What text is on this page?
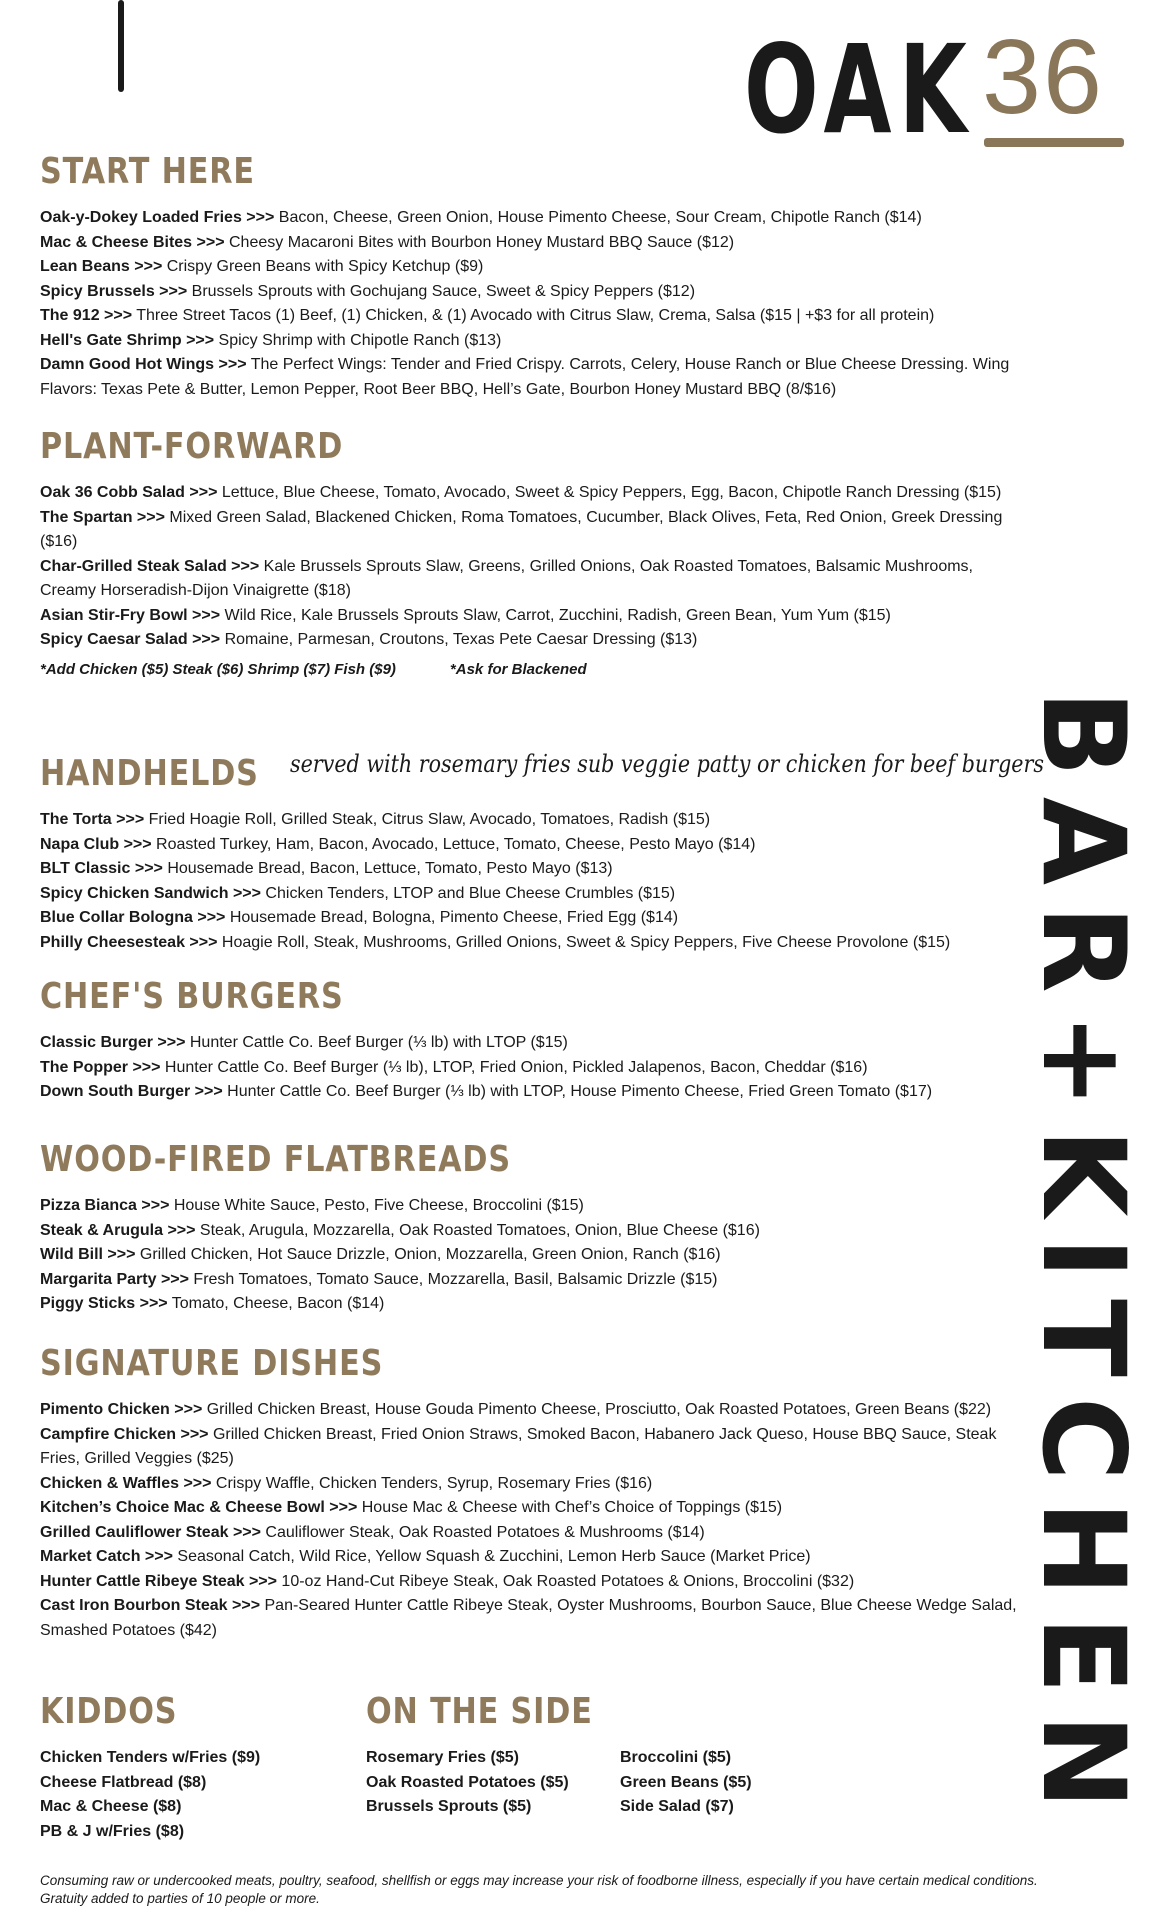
OAK 36
BAR+KITCHEN
START HERE

Oak-y-Dokey Loaded Fries >>> Bacon, Cheese, Green Onion, House Pimento Cheese, Sour Cream, Chipotle Ranch ($14)

Mac & Cheese Bites >>> Cheesy Macaroni Bites with Bourbon Honey Mustard BBQ Sauce ($12)

Lean Beans >>> Crispy Green Beans with Spicy Ketchup ($9)

Spicy Brussels >>> Brussels Sprouts with Gochujang Sauce, Sweet & Spicy Peppers ($12)

The 912 >>> Three Street Tacos (1) Beef, (1) Chicken, & (1) Avocado with Citrus Slaw, Crema, Salsa ($15 | +$3 for all protein)

Hell's Gate Shrimp >>> Spicy Shrimp with Chipotle Ranch ($13)

Damn Good Hot Wings >>> The Perfect Wings: Tender and Fried Crispy. Carrots, Celery, House Ranch or Blue Cheese Dressing. Wing Flavors: Texas Pete & Butter, Lemon Pepper, Root Beer BBQ, Hell’s Gate, Bourbon Honey Mustard BBQ (8/$16)

PLANT-FORWARD

Oak 36 Cobb Salad >>> Lettuce, Blue Cheese, Tomato, Avocado, Sweet & Spicy Peppers, Egg, Bacon, Chipotle Ranch Dressing ($15)

The Spartan >>> Mixed Green Salad, Blackened Chicken, Roma Tomatoes, Cucumber, Black Olives, Feta, Red Onion, Greek Dressing ($16)

Char-Grilled Steak Salad >>> Kale Brussels Sprouts Slaw, Greens, Grilled Onions, Oak Roasted Tomatoes, Balsamic Mushrooms, Creamy Horseradish-Dijon Vinaigrette ($18)

Asian Stir-Fry Bowl >>> Wild Rice, Kale Brussels Sprouts Slaw, Carrot, Zucchini, Radish, Green Bean, Yum Yum ($15)

Spicy Caesar Salad >>> Romaine, Parmesan, Croutons, Texas Pete Caesar Dressing ($13)

*Add Chicken ($5) Steak ($6) Shrimp ($7) Fish ($9)	*Ask for Blackened
HANDHELDS

The Torta >>> Fried Hoagie Roll, Grilled Steak, Citrus Slaw, Avocado, Tomatoes, Radish ($15)

Napa Club >>> Roasted Turkey, Ham, Bacon, Avocado, Lettuce, Tomato, Cheese, Pesto Mayo ($14)

BLT Classic >>> Housemade Bread, Bacon, Lettuce, Tomato, Pesto Mayo ($13)

Spicy Chicken Sandwich >>> Chicken Tenders, LTOP and Blue Cheese Crumbles ($15)

Blue Collar Bologna >>> Housemade Bread, Bologna, Pimento Cheese, Fried Egg ($14)

Philly Cheesesteak >>> Hoagie Roll, Steak, Mushrooms, Grilled Onions, Sweet & Spicy Peppers, Five Cheese Provolone ($15)

served with rosemary fries sub veggie patty or chicken for beef burgers
CHEF'S BURGERS

Classic Burger >>> Hunter Cattle Co. Beef Burger (⅓ lb) with LTOP ($15)

The Popper >>> Hunter Cattle Co. Beef Burger (⅓ lb), LTOP, Fried Onion, Pickled Jalapenos, Bacon, Cheddar ($16)

Down South Burger >>> Hunter Cattle Co. Beef Burger (⅓ lb) with LTOP, House Pimento Cheese, Fried Green Tomato ($17)

WOOD-FIRED FLATBREADS

Pizza Bianca >>> House White Sauce, Pesto, Five Cheese, Broccolini ($15)

Steak & Arugula >>> Steak, Arugula, Mozzarella, Oak Roasted Tomatoes, Onion, Blue Cheese ($16)

Wild Bill >>> Grilled Chicken, Hot Sauce Drizzle, Onion, Mozzarella, Green Onion, Ranch ($16)

Margarita Party >>> Fresh Tomatoes, Tomato Sauce, Mozzarella, Basil, Balsamic Drizzle ($15)

Piggy Sticks >>> Tomato, Cheese, Bacon ($14)

SIGNATURE DISHES

Pimento Chicken >>> Grilled Chicken Breast, House Gouda Pimento Cheese, Prosciutto, Oak Roasted Potatoes, Green Beans ($22)

Campfire Chicken >>> Grilled Chicken Breast, Fried Onion Straws, Smoked Bacon, Habanero Jack Queso, House BBQ Sauce, Steak Fries, Grilled Veggies ($25)

Chicken & Waffles >>> Crispy Waffle, Chicken Tenders, Syrup, Rosemary Fries ($16)

Kitchen’s Choice Mac & Cheese Bowl >>> House Mac & Cheese with Chef’s Choice of Toppings ($15)

Grilled Cauliflower Steak >>> Cauliflower Steak, Oak Roasted Potatoes & Mushrooms ($14)

Market Catch >>> Seasonal Catch, Wild Rice, Yellow Squash & Zucchini, Lemon Herb Sauce (Market Price)

Hunter Cattle Ribeye Steak >>> 10-oz Hand-Cut Ribeye Steak, Oak Roasted Potatoes & Onions, Broccolini ($32)

Cast Iron Bourbon Steak >>> Pan-Seared Hunter Cattle Ribeye Steak, Oyster Mushrooms, Bourbon Sauce, Blue Cheese Wedge Salad, Smashed Potatoes ($42)

KIDDOS

Chicken Tenders w/Fries ($9)

Cheese Flatbread ($8)

Mac & Cheese ($8)

PB & J w/Fries ($8)

ON THE SIDE

Rosemary Fries ($5)

Oak Roasted Potatoes ($5)

Brussels Sprouts ($5)

Broccolini ($5)

Green Beans ($5)

Side Salad ($7)

Consuming raw or undercooked meats, poultry, seafood, shellfish or eggs may increase your risk of foodborne illness, especially if you have certain medical conditions.
Gratuity added to parties of 10 people or more.
